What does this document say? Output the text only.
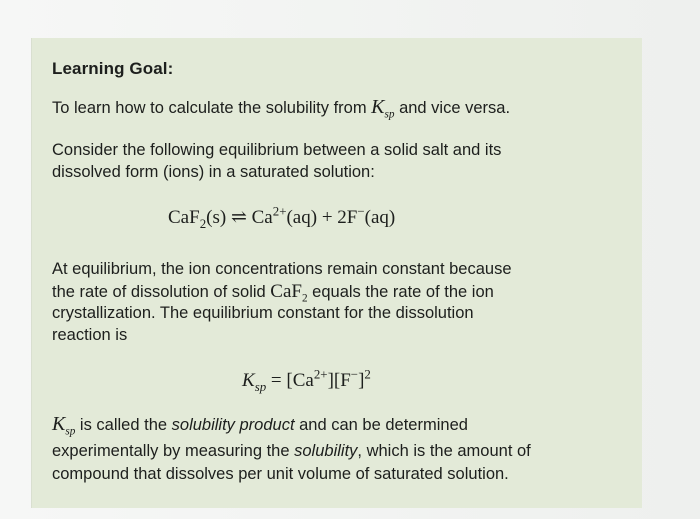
Learning Goal:

To learn how to calculate the solubility from $K_{sp}$ and vice versa.

Consider the following equilibrium between a solid salt and its

dissolved form (ions) in a saturated solution:

CaF$_2$(s) ⇌ $Ca^{2+}(aq) + 2F^-(aq)$

At equilibrium, the ion concentrations remain constant because

the rate of dissolution of solid CaF$_2$ equals the rate of the ion

crystallization. The equilibrium constant for the dissolution

reaction is

$K_{sp} = [Ca^{2+}][F^-]^2$

$K_{sp}$ is called the solubility product and can be determined

experimentally by measuring the solubility, which is the amount of

compound that dissolves per unit volume of saturated solution.
